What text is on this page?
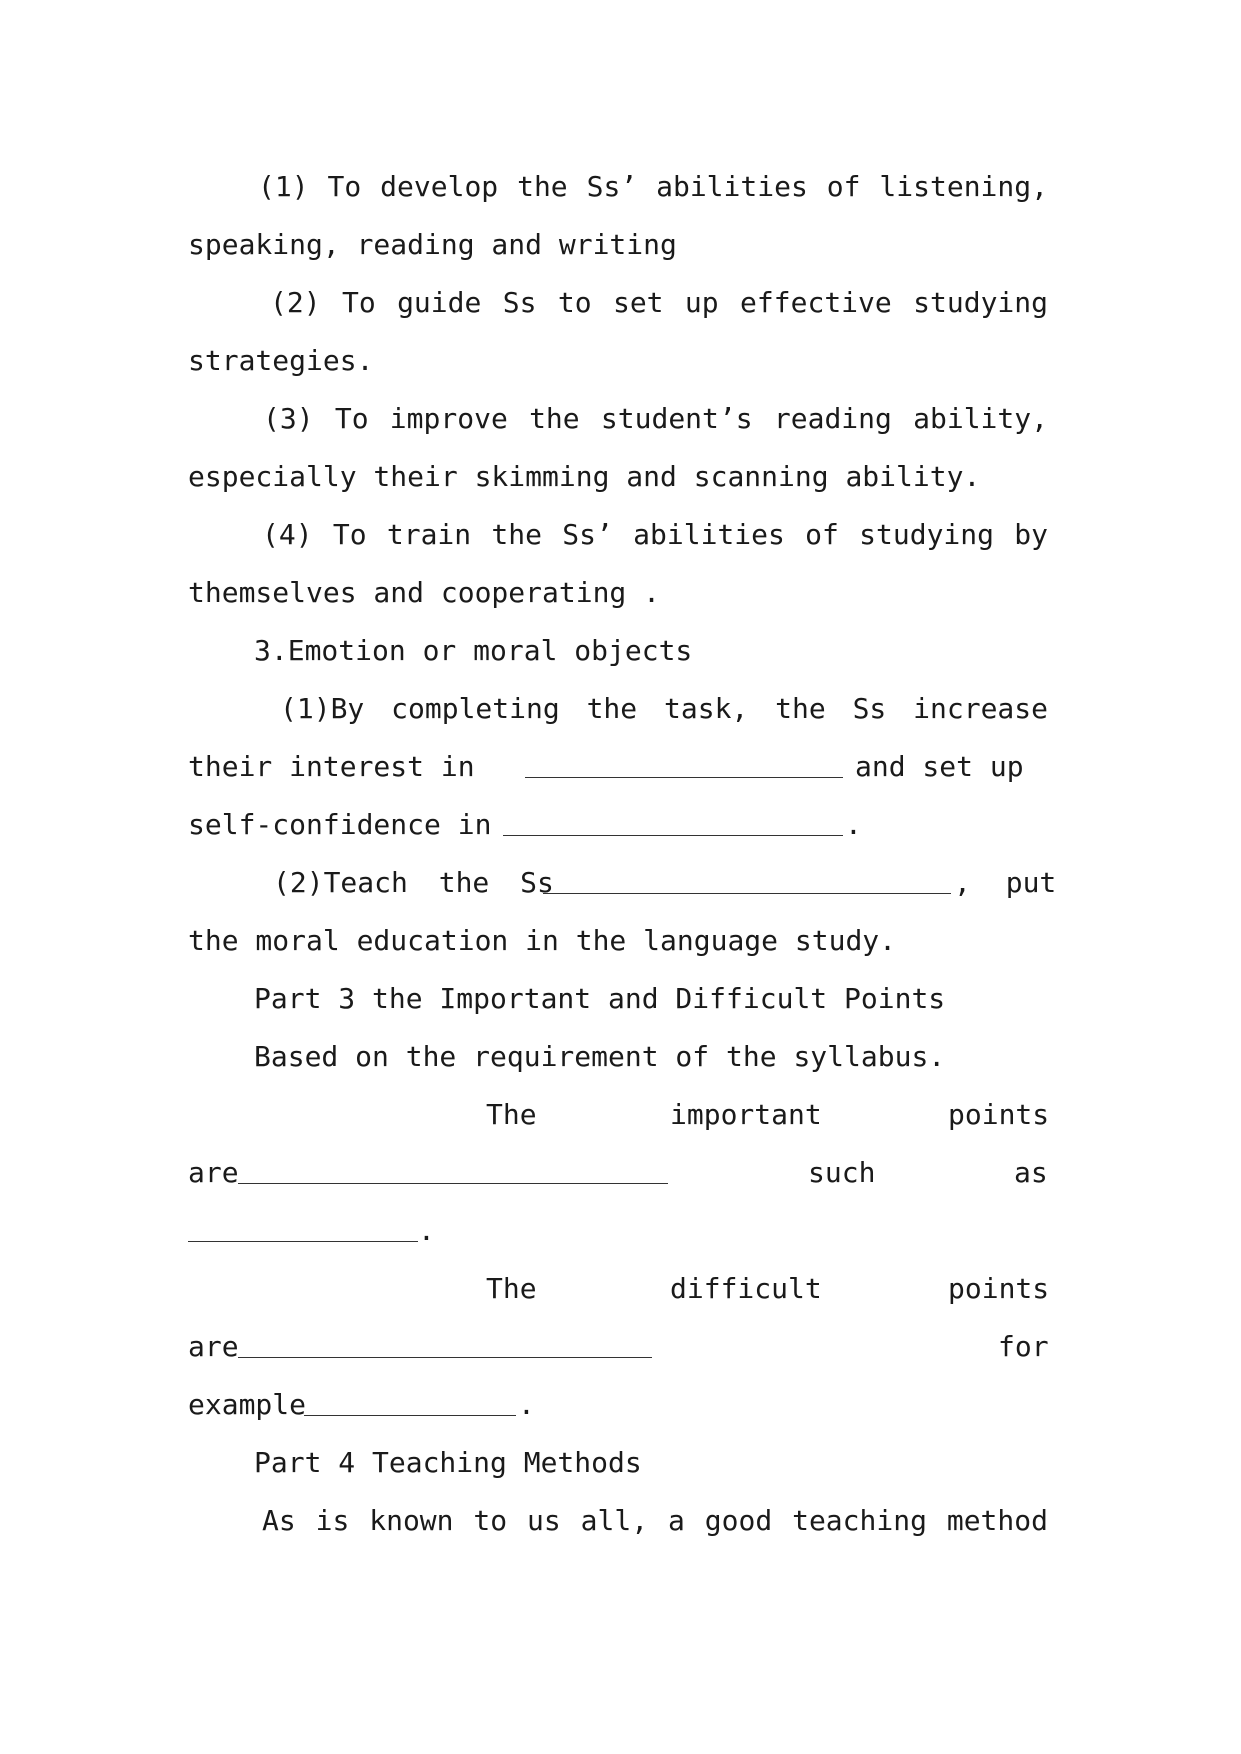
(1) To develop the Ss’ abilities of listening,
speaking, reading and writing
(2) To guide Ss to set up effective studying
strategies.
(3) To improve the student’s reading ability,
especially their skimming and scanning ability.
(4) To train the Ss’ abilities of studying by
themselves and cooperating .
3.Emotion or moral objects
(1)By completing the task, the Ss increase

their interest in

	and set up

self-confidence in

	.

(2)Teach the Ss

	, put

the moral education in the language study.
Part 3 the Important and Difficult Points
Based on the requirement of the syllabus.

The

	important

	points

are

	such

	as

.

The

	difficult

	points

are

	for

example

	.

Part 4 Teaching Methods
As is known to us all, a good teaching method
